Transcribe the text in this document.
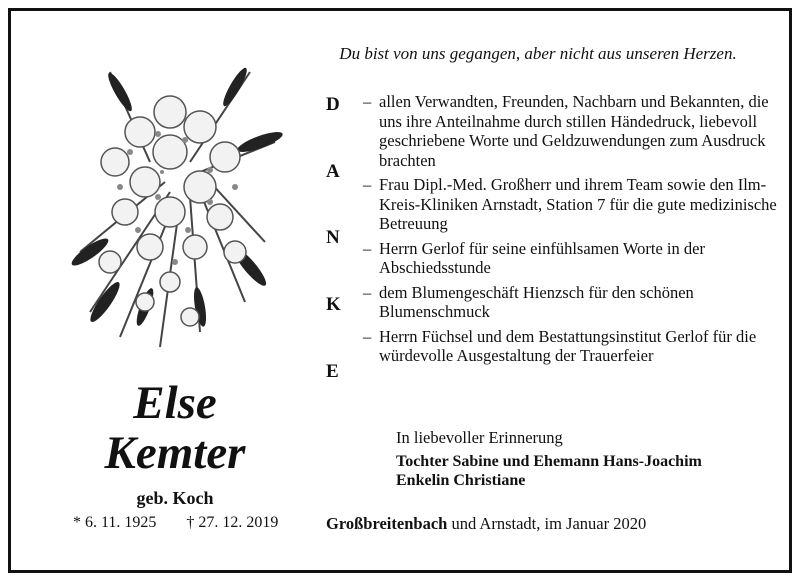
Du bist von uns gegangen, aber nicht aus unseren Herzen.
D
A
N
K
E
– allen Verwandten, Freunden, Nachbarn und Bekannten, die uns ihre Anteilnahme durch stillen Händedruck, liebevoll geschriebene Worte und Geldzuwendungen zum Ausdruck brachten
– Frau Dipl.-Med. Großherr und ihrem Team sowie den Ilm-Kreis-Kliniken Arnstadt, Station 7 für die gute medizinische Betreuung
– Herrn Gerlof für seine einfühlsamen Worte in der Abschiedsstunde
– dem Blumengeschäft Hienzsch für den schönen Blumenschmuck
– Herrn Füchsel und dem Bestattungsinstitut Gerlof für die würdevolle Ausgestaltung der Trauerfeier
Else
Kemter
geb. Koch
* 6. 11. 1925 † 27. 12. 2019
In liebevoller Erinnerung
Tochter Sabine und Ehemann Hans-Joachim
Enkelin Christiane
Großbreitenbach und Arnstadt, im Januar 2020
